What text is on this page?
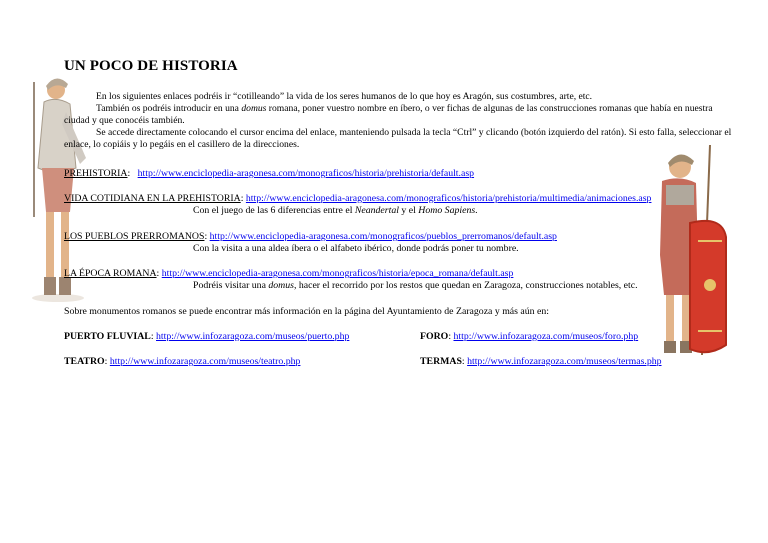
UN POCO DE HISTORIA

En los siguientes enlaces podréis ir “cotilleando” la vida de los seres humanos de lo que hoy es Aragón, sus costumbres, arte, etc.

También os podréis introducir en una domus romana, poner vuestro nombre en íbero, o ver fichas de algunas de las construcciones romanas que había en nuestra ciudad y que conocéis también.

Se accede directamente colocando el cursor encima del enlace, manteniendo pulsada la tecla “Ctrl” y clicando (botón izquierdo del ratón). Si esto falla, seleccionar el enlace, lo copiáis y lo pegáis en el casillero de la direcciones.

PREHISTORIA: http://www.enciclopedia-aragonesa.com/monograficos/historia/prehistoria/default.asp
VIDA COTIDIANA EN LA PREHISTORIA: http://www.enciclopedia-aragonesa.com/monograficos/historia/prehistoria/multimedia/animaciones.asp
Con el juego de las 6 diferencias entre el Neandertal y el Homo Sapiens.
LOS PUEBLOS PRERROMANOS: http://www.enciclopedia-aragonesa.com/monograficos/pueblos_prerromanos/default.asp
Con la visita a una aldea íbera o el alfabeto ibérico, donde podrás poner tu nombre.
LA ÉPOCA ROMANA: http://www.enciclopedia-aragonesa.com/monograficos/historia/epoca_romana/default.asp
Podréis visitar una domus, hacer el recorrido por los restos que quedan en Zaragoza, construcciones notables, etc.
Sobre monumentos romanos se puede encontrar más información en la página del Ayuntamiento de Zaragoza y más aún en:
PUERTO FLUVIAL: http://www.infozaragoza.com/museos/puerto.php	FORO: http://www.infozaragoza.com/museos/foro.php
TEATRO: http://www.infozaragoza.com/museos/teatro.php	TERMAS: http://www.infozaragoza.com/museos/termas.php
